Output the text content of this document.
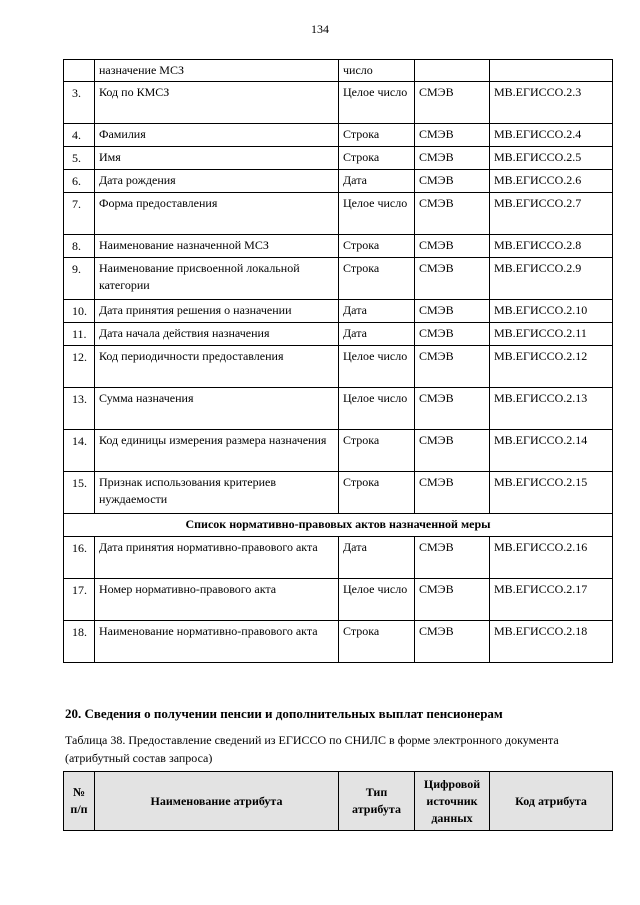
134
	назначение МСЗ	число		
3.	Код по КМСЗ	Целое число	СМЭВ	МВ.ЕГИССО.2.3
4.	Фамилия	Строка	СМЭВ	МВ.ЕГИССО.2.4
5.	Имя	Строка	СМЭВ	МВ.ЕГИССО.2.5
6.	Дата рождения	Дата	СМЭВ	МВ.ЕГИССО.2.6
7.	Форма предоставления	Целое число	СМЭВ	МВ.ЕГИССО.2.7
8.	Наименование назначенной МСЗ	Строка	СМЭВ	МВ.ЕГИССО.2.8
9.	Наименование присвоенной локальной категории	Строка	СМЭВ	МВ.ЕГИССО.2.9
10.	Дата принятия решения о назначении	Дата	СМЭВ	МВ.ЕГИССО.2.10
11.	Дата начала действия назначения	Дата	СМЭВ	МВ.ЕГИССО.2.11
12.	Код периодичности предоставления	Целое число	СМЭВ	МВ.ЕГИССО.2.12
13.	Сумма назначения	Целое число	СМЭВ	МВ.ЕГИССО.2.13
14.	Код единицы измерения размера назначения	Строка	СМЭВ	МВ.ЕГИССО.2.14
15.	Признак использования критериев нуждаемости	Строка	СМЭВ	МВ.ЕГИССО.2.15
Список нормативно-правовых актов назначенной меры				
16.	Дата принятия нормативно-правового акта	Дата	СМЭВ	МВ.ЕГИССО.2.16
17.	Номер нормативно-правового акта	Целое число	СМЭВ	МВ.ЕГИССО.2.17
18.	Наименование нормативно-правового акта	Строка	СМЭВ	МВ.ЕГИССО.2.18
20. Сведения о получении пенсии и дополнительных выплат пенсионерам
Таблица 38. Предоставление сведений из ЕГИССО по СНИЛС в форме электронного документа (атрибутный состав запроса)
№ п/п	Наименование атрибута	Тип атрибута	Цифровой источник данных	Код атрибута
